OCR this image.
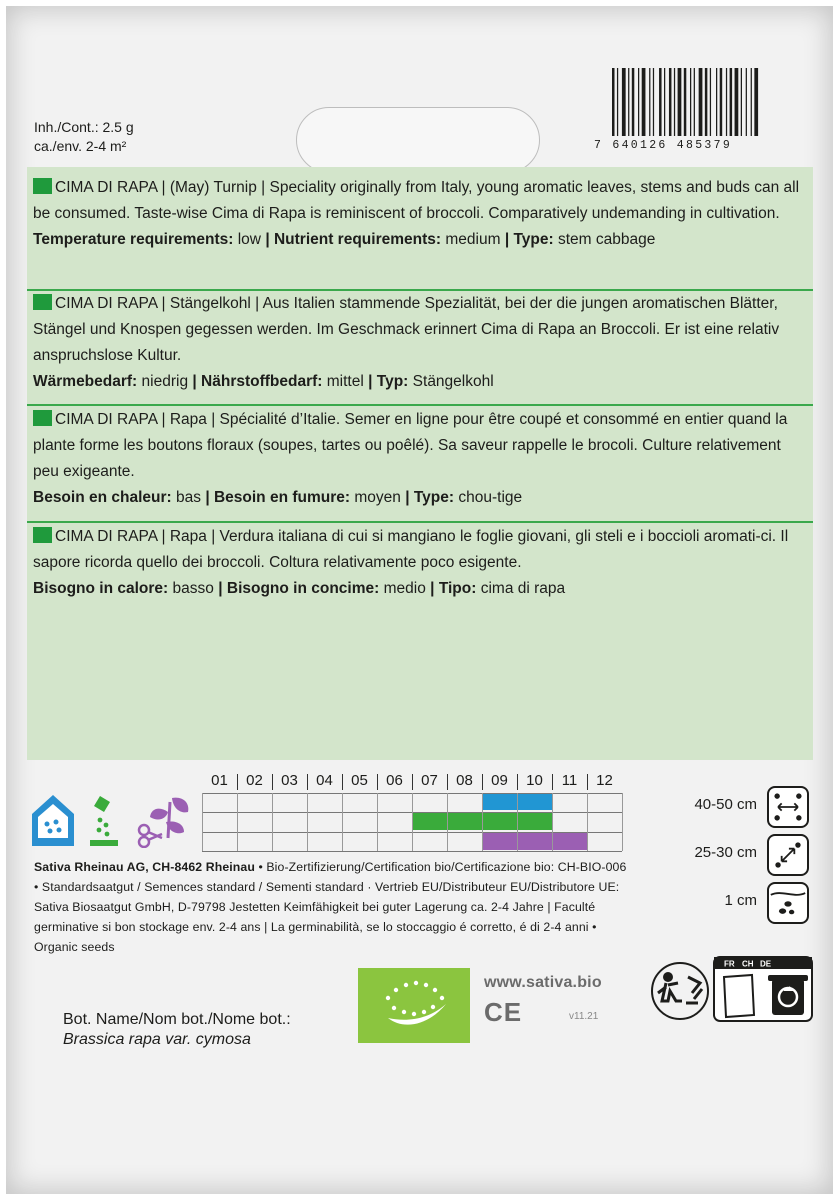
Inh./Cont.: 2.5 g
ca./env. 2-4 m²	7 640126 485379
CIMA DI RAPA | (May) Turnip | Speciality originally from Italy, young aromatic leaves, stems and buds can all be consumed. Taste-wise Cima di Rapa is reminiscent of broccoli. Comparatively undemanding in cultivation.
Temperature requirements: low | Nutrient requirements: medium | Type: stem cabbage
CIMA DI RAPA | Stängelkohl | Aus Italien stammende Spezialität, bei der die jungen aromatischen Blätter, Stängel und Knospen gegessen werden. Im Geschmack erinnert Cima di Rapa an Broccoli. Er ist eine relativ anspruchslose Kultur.
Wärmebedarf: niedrig | Nährstoffbedarf: mittel | Typ: Stängelkohl
CIMA DI RAPA | Rapa | Spécialité d’Italie. Semer en ligne pour être coupé et consommé en entier quand la plante forme les boutons floraux (soupes, tartes ou poêlé). Sa saveur rappelle le brocoli. Culture relativement peu exigeante.
Besoin en chaleur: bas | Besoin en fumure: moyen | Type: chou-tige
CIMA DI RAPA | Rapa | Verdura italiana di cui si mangiano le foglie giovani, gli steli e i boccioli aromati-ci. Il sapore ricorda quello dei broccoli. Coltura relativamente poco esigente.
Bisogno in calore: basso | Bisogno in concime: medio | Tipo: cima di rapa
01	02	03	04	05	06	07	08	09	10	11	12
Sativa Rheinau AG, CH-8462 Rheinau • Bio-Zertifizierung/Certification bio/Certificazione bio: CH-BIO-006 • Standardsaatgut / Semences standard / Sementi standard · Vertrieb EU/Distributeur EU/Distributore UE: Sativa Biosaatgut GmbH, D-79798 Jestetten Keimfähigkeit bei guter Lagerung ca. 2-4 Jahre | Faculté germinative si bon stockage env. 2-4 ans | La germinabilità, se lo stoccaggio é corretto, é di 2-4 anni • Organic seeds
40-50 cm
25-30 cm
1 cm
www.sativa.bio
CE	v11.21
Bot. Name/Nom bot./Nome bot.:
Brassica rapa var. cymosa
FR CH DE
